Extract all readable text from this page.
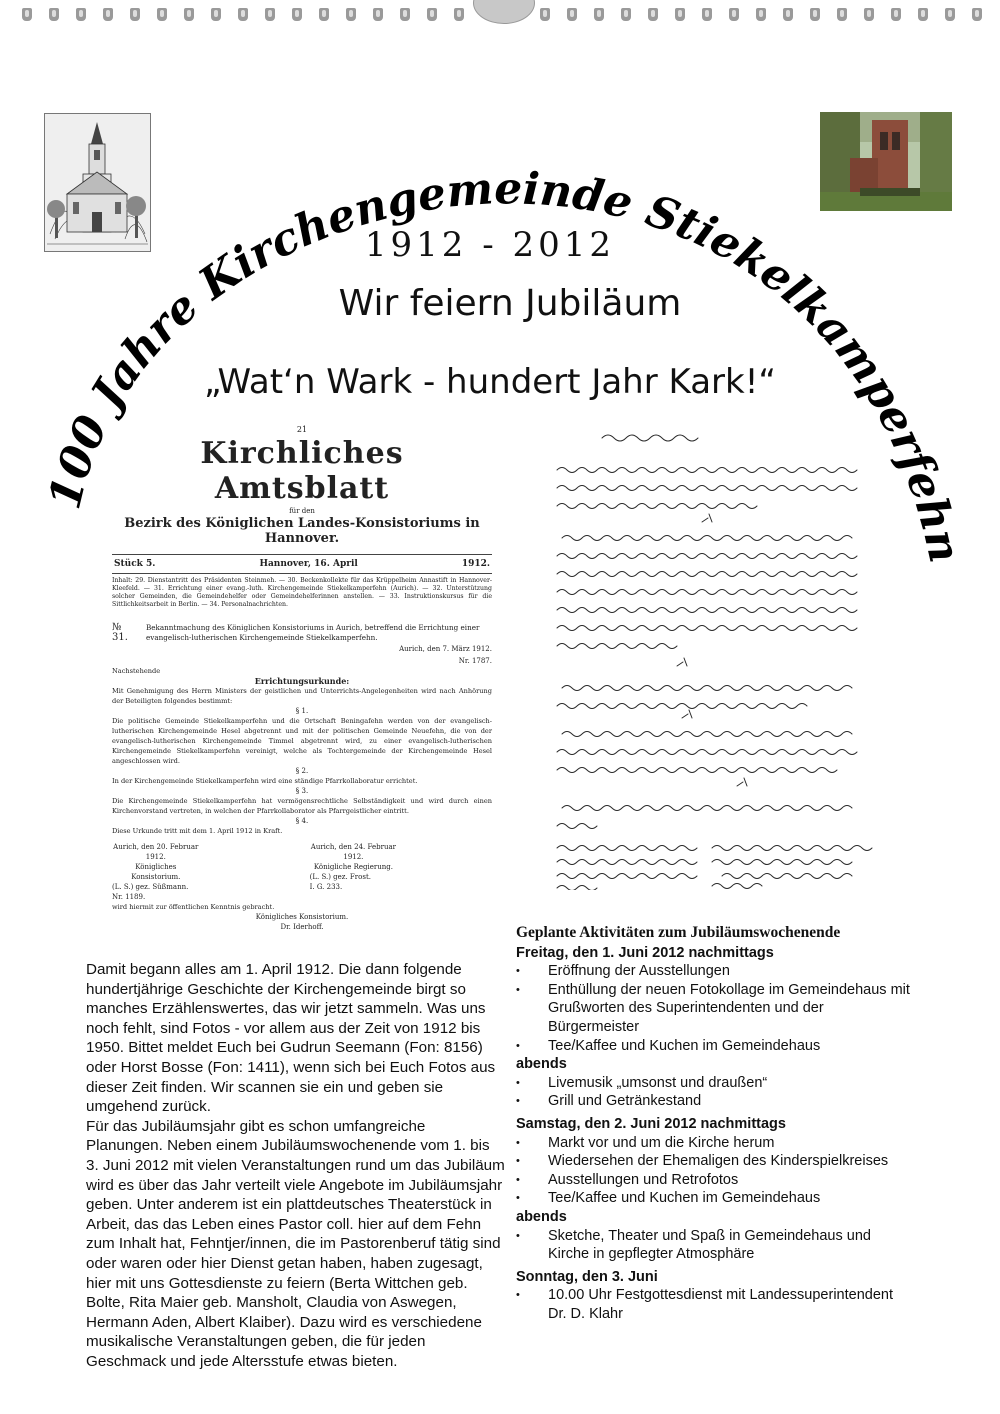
100 Jahre Kirchengemeinde Stiekelkamperfehn
1912 - 2012
Wir feiern Jubiläum
„Wat‘n Wark - hundert Jahr Kark!“
21
Kirchliches Amtsblatt
für den
Bezirk des Königlichen Landes-Konsistoriums in Hannover.
Stück 5.	Hannover, 16. April	1912.
Inhalt: 29. Dienstantritt des Präsidenten Steinmeh. — 30. Beckenkollekte für das Krüppelheim Annastift in Hannover-Kleefeld. — 31. Errichtung einer evang.-luth. Kirchengemeinde Stiekelkamperfehn (Aurich). — 32. Unterstützung solcher Gemeinden, die Gemeindehelfer oder Gemeindehelferinnen anstellen. — 33. Instruktionskursus für die Sittlichkeitsarbeit in Berlin. — 34. Personalnachrichten.
№ 31.
Bekanntmachung des Königlichen Konsistoriums in Aurich, betreffend die Errichtung einer evangelisch-lutherischen Kirchengemeinde Stiekelkamperfehn.
Aurich, den 7. März 1912.
Nr. 1787.
Nachstehende
Errichtungsurkunde:
Mit Genehmigung des Herrn Ministers der geistlichen und Unterrichts-Angelegenheiten wird nach Anhörung der Beteiligten folgendes bestimmt:
§ 1.
Die politische Gemeinde Stiekelkamperfehn und die Ortschaft Beningafehn werden von der evangelisch-lutherischen Kirchengemeinde Hesel abgetrennt und mit der politischen Gemeinde Neuefehn, die von der evangelisch-lutherischen Kirchengemeinde Timmel abgetrennt wird, zu einer evangelisch-lutherischen Kirchengemeinde Stiekelkamperfehn vereinigt, welche als Tochtergemeinde der Kirchengemeinde Hesel angeschlossen wird.
§ 2.
In der Kirchengemeinde Stiekelkamperfehn wird eine ständige Pfarrkollaboratur errichtet.
§ 3.
Die Kirchengemeinde Stiekelkamperfehn hat vermögensrechtliche Selbständigkeit und wird durch einen Kirchenvorstand vertreten, in welchen der Pfarrkollaborator als Pfarrgeistlicher eintritt.
§ 4.
Diese Urkunde tritt mit dem 1. April 1912 in Kraft.
Aurich, den 20. Februar 1912.
Königliches Konsistorium.
(L. S.) gez. Süßmann.
Nr. 1189.
Aurich, den 24. Februar 1912.
Königliche Regierung.
(L. S.) gez. Frost.
I. G. 233.
wird hiermit zur öffentlichen Kenntnis gebracht.
Königliches Konsistorium.
Dr. Iderhoff.

Damit begann alles am 1. April 1912. Die dann folgende hundertjährige Geschichte der Kirchengemeinde birgt so manches Erzählenswertes, das wir jetzt sammeln. Was uns noch fehlt, sind Fotos - vor allem aus der Zeit von 1912 bis 1950. Bittet meldet Euch bei Gudrun Seemann (Fon: 8156) oder Horst Bosse (Fon: 1411), wenn sich bei Euch Fotos aus dieser Zeit finden. Wir scannen sie ein und geben sie umgehend zurück.

Für das Jubiläumsjahr gibt es schon umfangreiche Planungen. Neben einem Jubiläumswochenende vom 1. bis 3. Juni 2012 mit vielen Veranstaltungen rund um das Jubiläum wird es über das Jahr verteilt viele Angebote im Jubiläumsjahr geben. Unter anderem ist ein plattdeutsches Theaterstück in Arbeit, das das Leben eines Pastor coll. hier auf dem Fehn zum Inhalt hat, Fehntjer/innen, die im Pastorenberuf tätig sind oder waren oder hier Dienst getan haben, haben zugesagt, hier mit uns Gottesdienste zu feiern (Berta Wittchen geb. Bolte, Rita Maier geb. Mansholt, Claudia von Aswegen, Hermann Aden, Albert Klaiber). Dazu wird es verschiedene musikalische Veranstaltungen geben, die für jeden Geschmack und jede Altersstufe etwas bieten.

Geplante Aktivitäten zum Jubiläumswochenende
Freitag, den 1. Juni 2012 nachmittags
• Eröffnung der Ausstellungen
• Enthüllung der neuen Fotokollage im Gemeindehaus mit Grußworten des Superintendenten und der Bürgermeister
• Tee/Kaffee und Kuchen im Gemeindehaus
abends
• Livemusik „umsonst und draußen“
• Grill und Getränkestand
Samstag, den 2. Juni 2012 nachmittags
• Markt vor und um die Kirche herum
• Wiedersehen der Ehemaligen des Kinderspielkreises
• Ausstellungen und Retrofotos
• Tee/Kaffee und Kuchen im Gemeindehaus
abends
• Sketche, Theater und Spaß in Gemeindehaus und Kirche in gepflegter Atmosphäre
Sonntag, den 3. Juni
• 10.00 Uhr Festgottesdienst mit Landessuperintendent Dr. D. Klahr
